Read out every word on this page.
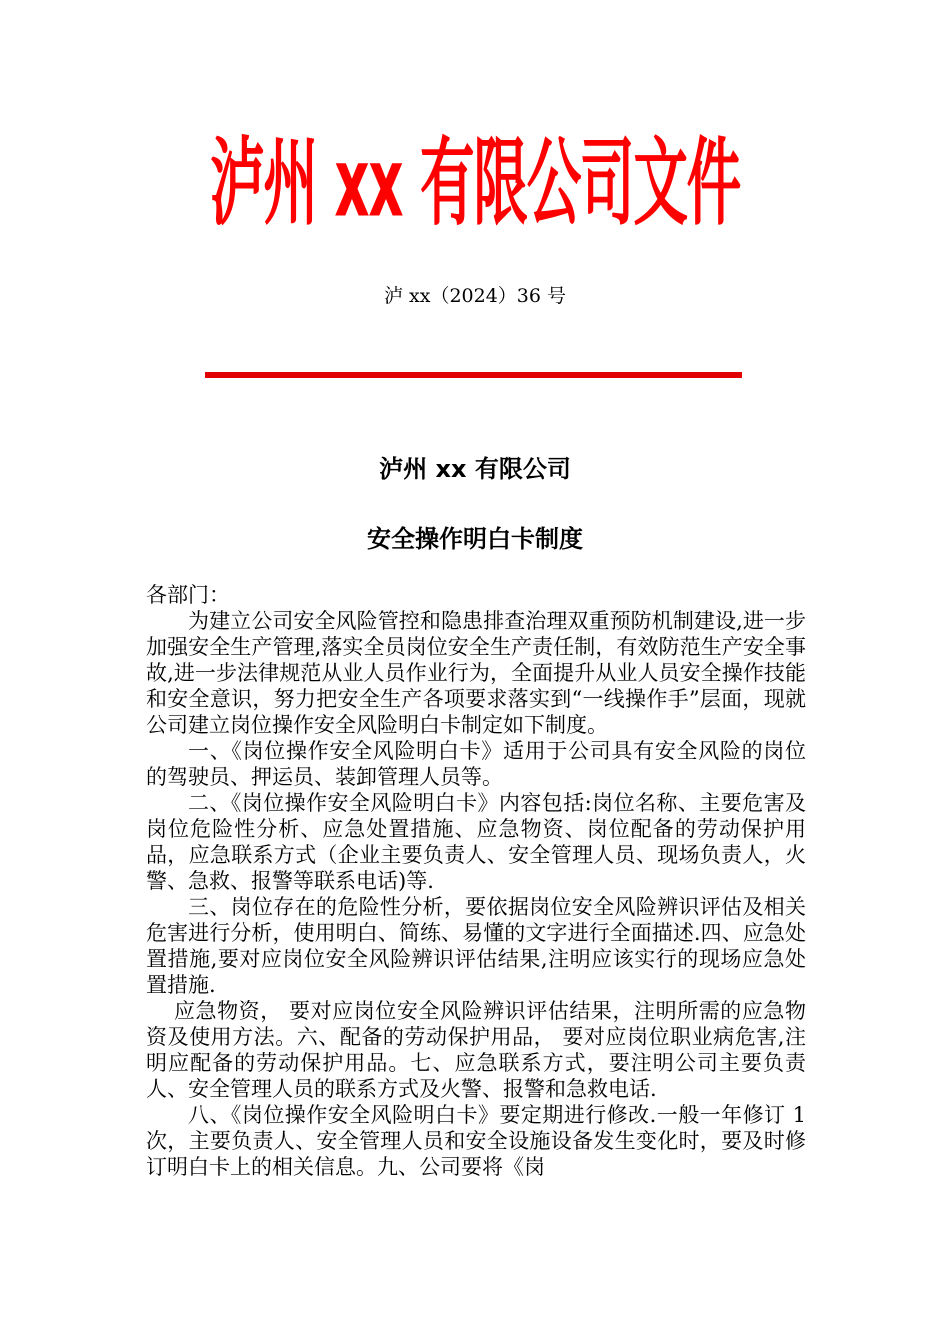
泸州 xx 有限公司文件
泸 xx（2024）36 号
泸州 xx 有限公司
安全操作明白卡制度

各部门：

为建立公司安全风险管控和隐患排查治理双重预防机制建设,进一步加强安全生产管理,落实全员岗位安全生产责任制，有效防范生产安全事故,进一步法律规范从业人员作业行为，全面提升从业人员安全操作技能和安全意识，努力把安全生产各项要求落实到“一线操作手”层面，现就公司建立岗位操作安全风险明白卡制定如下制度。

一、《岗位操作安全风险明白卡》适用于公司具有安全风险的岗位的驾驶员、押运员、装卸管理人员等。

二、《岗位操作安全风险明白卡》内容包括:岗位名称、主要危害及岗位危险性分析、应急处置措施、应急物资、岗位配备的劳动保护用品，应急联系方式（企业主要负责人、安全管理人员、现场负责人，火警、急救、报警等联系电话)等.

三、岗位存在的危险性分析，要依据岗位安全风险辨识评估及相关危害进行分析，使用明白、简练、易懂的文字进行全面描述.四、应急处置措施,要对应岗位安全风险辨识评估结果,注明应该实行的现场应急处置措施.

应急物资， 要对应岗位安全风险辨识评估结果，注明所需的应急物资及使用方法。六、配备的劳动保护用品， 要对应岗位职业病危害,注明应配备的劳动保护用品。七、应急联系方式，要注明公司主要负责人、安全管理人员的联系方式及火警、报警和急救电话.

八、《岗位操作安全风险明白卡》要定期进行修改.一般一年修订 1 次，主要负责人、安全管理人员和安全设施设备发生变化时，要及时修订明白卡上的相关信息。九、公司要将《岗
